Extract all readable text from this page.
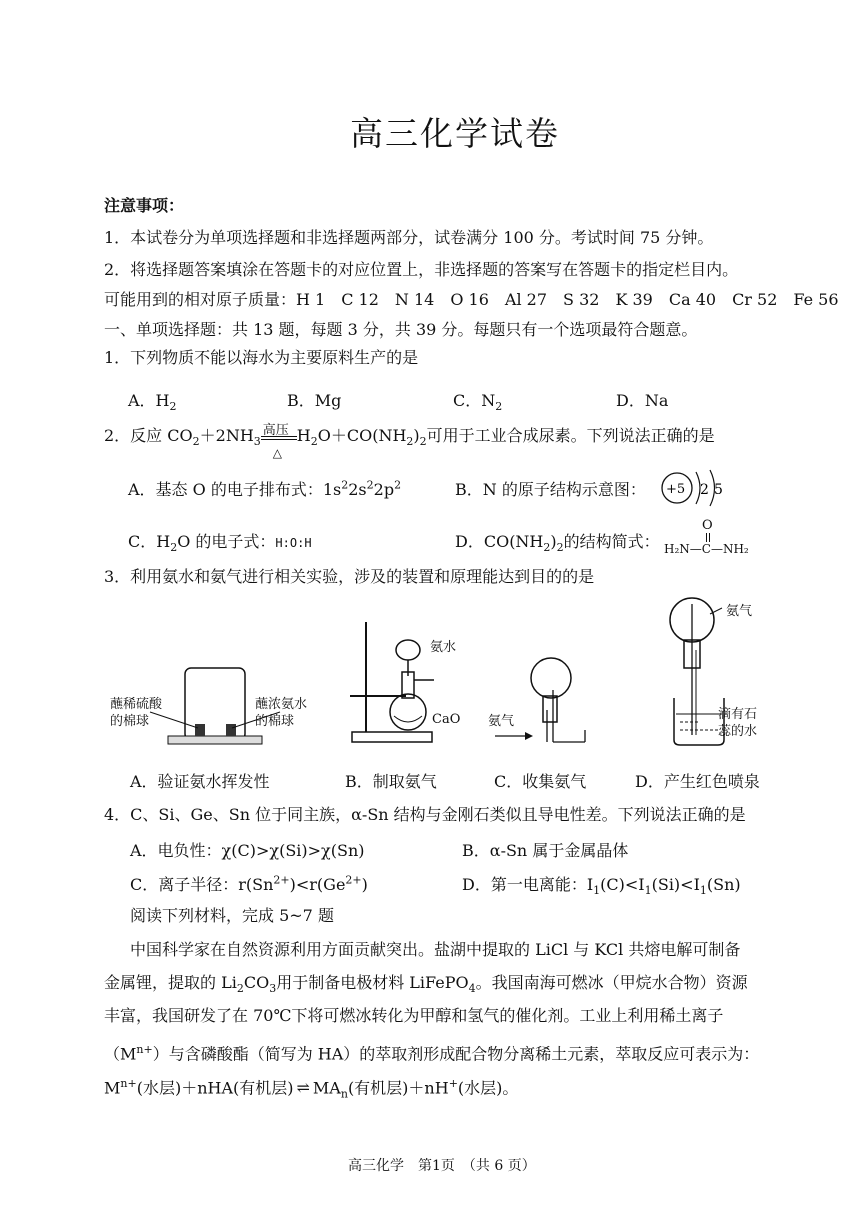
高三化学试卷
注意事项：
1．本试卷分为单项选择题和非选择题两部分，试卷满分 100 分。考试时间 75 分钟。
2．将选择题答案填涂在答题卡的对应位置上，非选择题的答案写在答题卡的指定栏目内。
可能用到的相对原子质量：H 1　C 12　N 14　O 16　Al 27　S 32　K 39　Ca 40　Cr 52　Fe 56
一、单项选择题：共 13 题，每题 3 分，共 39 分。每题只有一个选项最符合题意。
1．下列物质不能以海水为主要原料生产的是
A．$H_2$	B．Mg	C．$N_2$	D．Na
2．反应 $CO_2+2NH_3$
高压
△
$H_2O+CO(NH_2)_2$可用于工业合成尿素。下列说法正确的是
A．基态 O 的电子排布式：$1s^22s^22p^2$	B．N 的原子结构示意图： +5 2 5
C．$H_2O$ 的电子式：H:O:H	D．$CO(NH_2)_2$的结构简式：
O
H₂N—C—NH₂
3．利用氨水和氨气进行相关实验，涉及的装置和原理能达到目的的是
蘸稀硫酸
的棉球
蘸浓氨水
的棉球
氨水
CaO 氨气
氨气
滴有石
蕊的水
A．验证氨水挥发性	B．制取氨气	C．收集氨气	D．产生红色喷泉
4．C、Si、Ge、Sn 位于同主族，α-Sn 结构与金刚石类似且导电性差。下列说法正确的是
A．电负性：χ(C)>χ(Si)>χ(Sn)	B．α-Sn 属于金属晶体
C．离子半径：$r(Sn^{2+})<r(Ge^{2+})$	D．第一电离能：$I_1(C)<I_1(Si)<I_1(Sn)$
阅读下列材料，完成 5~7 题
中国科学家在自然资源利用方面贡献突出。盐湖中提取的 LiCl 与 KCl 共熔电解可制备
金属锂，提取的 $Li_2CO_3$用于制备电极材料 LiFePO$_4$。我国南海可燃冰（甲烷水合物）资源
丰富，我国研发了在 70℃下将可燃冰转化为甲醇和氢气的催化剂。工业上利用稀土离子
$(M^{n+})$与含磷酸酯（简写为 HA）的萃取剂形成配合物分离稀土元素，萃取反应可表示为：
$M^{n+}$(水层)＋nHA(有机层) ⇌ $MA_n$(有机层)＋nH+(水层)。
高三化学　第1页　（共 6 页）
